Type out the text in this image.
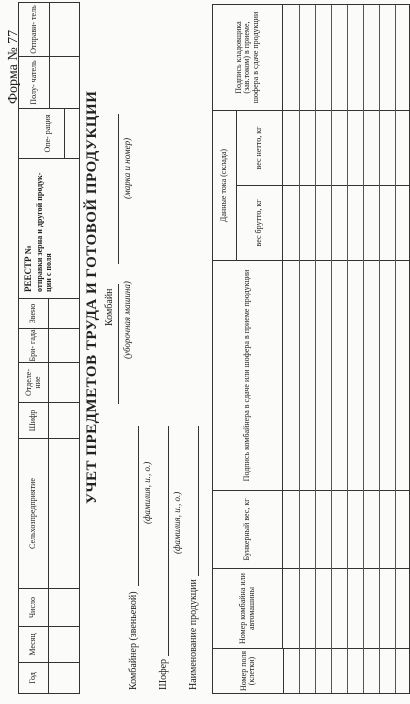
Форма № 77
Год
Месяц
Число
Сельхозпредприятие
Шифр
Отделе- ние
Бри- гада
Звено
РЕЕСТР № отправки зерна и другой продук- ции с поля
Опе- рация
Полу- чатель
Отправи- тель
УЧЕТ ПРЕДМЕТОВ ТРУДА И ГОТОВОЙ ПРОДУКЦИИ
Комбайнер (звеньевой)
(фамилия, и., о.)
Комбайн (уборочная машина)
(марка и номер)
Шофер
(фамилия, и., о.)
Наименование продукции	Номер поля (клетки)
Номер комбайна или автомашины
Бункерный вес, кг
Подпись комбайнера в сдаче или шофера в приеме продукции
Данные тока (склада)
вес брутто, кг
вес нетто, кг
Подпись кладовщика (зав.током) в приеме, шофера в сдаче продукции
